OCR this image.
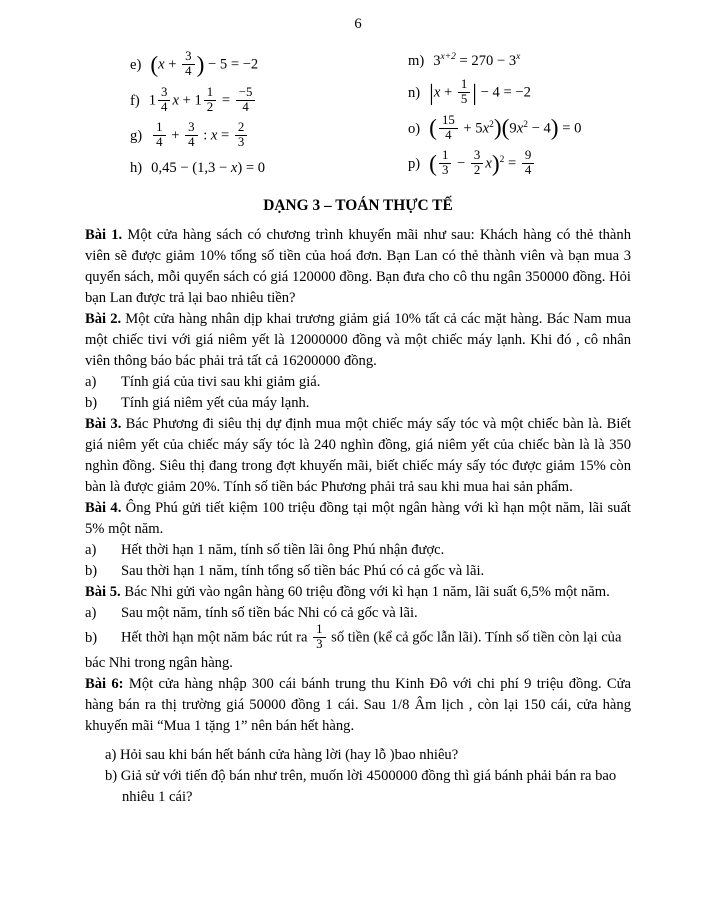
6
e) ($x + \frac{3}{4}$ ) − 5 = −2
f) $1 \frac{3}{4}$ $x + 1 \frac{1}{2} = \frac{-5}{4}$
$g) \frac{1}{4} + \frac{3}{4}$ : $x = \frac{2}{3}$
h) 0,45 − (1,3 − x) = 0
m) $3^{x+2} = 270 - 3^x$
n) $|x + \frac{1}{5}$ | − 4 = −2
o) ( $\frac{15}{4} + 5x^2)(9x^2 - 4) = 0$
p) ( $\frac{1}{3} - \frac{3}{2} x)^2 = \frac{9}{4}$
DẠNG 3 – TOÁN THỰC TẾ
Bài 1. Một cửa hàng sách có chương trình khuyến mãi như sau: Khách hàng có thẻ thành viên sẽ được giảm 10% tổng số tiền của hoá đơn. Bạn Lan có thẻ thành viên và bạn mua 3 quyển sách, mỗi quyển sách có giá 120000 đồng. Bạn đưa cho cô thu ngân 350000 đồng. Hỏi bạn Lan được trả lại bao nhiêu tiền?
Bài 2. Một cửa hàng nhân dịp khai trương giảm giá 10% tất cả các mặt hàng. Bác Nam mua một chiếc tivi với giá niêm yết là 12000000 đồng và một chiếc máy lạnh. Khi đó , cô nhân viên thông báo bác phải trả tất cả 16200000 đồng.
a) Tính giá của tivi sau khi giảm giá.
b) Tính giá niêm yết của máy lạnh.
Bài 3. Bác Phương đi siêu thị dự định mua một chiếc máy sấy tóc và một chiếc bàn là. Biết giá niêm yết của chiếc máy sấy tóc là 240 nghìn đồng, giá niêm yết của chiếc bàn là là 350 nghìn đồng. Siêu thị đang trong đợt khuyến mãi, biết chiếc máy sấy tóc được giảm 15% còn bàn là được giảm 20%. Tính số tiền bác Phương phải trả sau khi mua hai sản phẩm.
Bài 4. Ông Phú gửi tiết kiệm 100 triệu đồng tại một ngân hàng với kì hạn một năm, lãi suất 5% một năm.
a) Hết thời hạn 1 năm, tính số tiền lãi ông Phú nhận được.
b) Sau thời hạn 1 năm, tính tổng số tiền bác Phú có cả gốc và lãi.
Bài 5. Bác Nhi gửi vào ngân hàng 60 triệu đồng với kì hạn 1 năm, lãi suất 6,5% một năm.
a) Sau một năm, tính số tiền bác Nhi có cả gốc và lãi.
b) Hết thời hạn một năm bác rút ra $\frac{1}{3}$ số tiền (kể cả gốc lẫn lãi). Tính số tiền còn lại của bác Nhi trong ngân hàng.
Bài 6: Một cửa hàng nhập 300 cái bánh trung thu Kinh Đô với chi phí 9 triệu đồng. Cửa hàng bán ra thị trường giá 50000 đồng 1 cái. Sau 1/8 Âm lịch , còn lại 150 cái, cửa hàng khuyến mãi “Mua 1 tặng 1” nên bán hết hàng.
a) Hỏi sau khi bán hết bánh cửa hàng lời (hay lỗ )bao nhiêu?
b) Giả sử với tiến độ bán như trên, muốn lời 4500000 đồng thì giá bánh phải bán ra bao nhiêu 1 cái?
